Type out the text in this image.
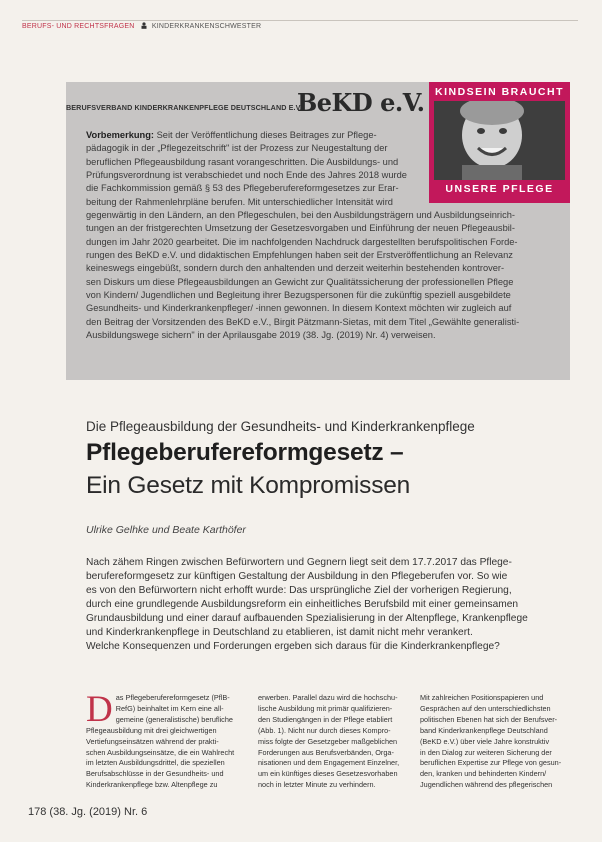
BERUFS- UND RECHTSFRAGEN KINDERKRANKENSCHWESTER
BERUFSVERBAND KINDERKRANKENPFLEGE DEUTSCHLAND E.V.
BeKD e.V.	KINDSEIN BRAUCHT
UNSERE PFLEGE
Vorbemerkung: Seit der Veröffentlichung dieses Beitrages zur Pflege-
pädagogik in der „Pflegezeitschrift" ist der Prozess zur Neugestaltung der
beruflichen Pflegeausbildung rasant vorangeschritten. Die Ausbildungs- und
Prüfungsverordnung ist verabschiedet und noch Ende des Jahres 2018 wurde
die Fachkommission gemäß § 53 des Pflegeberufereformgesetzes zur Erar-
beitung der Rahmenlehrpläne berufen. Mit unterschiedlicher Intensität wird
gegenwärtig in den Ländern, an den Pflegeschulen, bei den Ausbildungsträgern und Ausbildungseinrich-
tungen an der fristgerechten Umsetzung der Gesetzesvorgaben und Einführung der neuen Pflegeausbil-
dungen im Jahr 2020 gearbeitet. Die im nachfolgenden Nachdruck dargestellten berufspolitischen Forde-
rungen des BeKD e.V. und didaktischen Empfehlungen haben seit der Erstveröffentlichung an Relevanz
keineswegs eingebüßt, sondern durch den anhaltenden und derzeit weiterhin bestehenden kontrover-
sen Diskurs um diese Pflegeausbildungen an Gewicht zur Qualitätssicherung der professionellen Pflege
von Kindern/ Jugendlichen und Begleitung ihrer Bezugspersonen für die zukünftig speziell ausgebildete
Gesundheits- und Kinderkrankenpfleger/ -innen gewonnen. In diesem Kontext möchten wir zugleich auf
den Beitrag der Vorsitzenden des BeKD e.V., Birgit Pätzmann-Sietas, mit dem Titel „Gewählte generalisti-
Ausbildungswege sichern" in der Aprilausgabe 2019 (38. Jg. (2019) Nr. 4) verweisen.
Die Pflegeausbildung der Gesundheits- und Kinderkrankenpflege
Pflegeberufereformgesetz –
Ein Gesetz mit Kompromissen
Ulrike Gelhke und Beate Karthöfer
Nach zähem Ringen zwischen Befürwortern und Gegnern liegt seit dem 17.7.2017 das Pflege-
berufereformgesetz zur künftigen Gestaltung der Ausbildung in den Pflegeberufen vor. So wie
es von den Befürwortern nicht erhofft wurde: Das ursprüngliche Ziel der vorherigen Regierung,
durch eine grundlegende Ausbildungsreform ein einheitliches Berufsbild mit einer gemeinsamen
Grundausbildung und einer darauf aufbauenden Spezialisierung in der Altenpflege, Krankenpflege
und Kinderkrankenpflege in Deutschland zu etablieren, ist damit nicht mehr verankert.
Welche Konsequenzen und Forderungen ergeben sich daraus für die Kinderkrankenpflege?
D as Pflegeberufereformgesetz (PflB-
RefG) beinhaltet im Kern eine all-
gemeine (generalistische) berufliche
Pflegeausbildung mit drei gleichwertigen
Vertiefungseinsätzen während der prakti-
schen Ausbildungseinsätze, die ein Wahlrecht
im letzten Ausbildungsdrittel, die speziellen
Berufsabschlüsse in der Gesundheits- und
Kinderkrankenpflege bzw. Altenpflege zu
erwerben. Parallel dazu wird die hochschu-
lische Ausbildung mit primär qualifizieren-
den Studiengängen in der Pflege etabliert
(Abb. 1). Nicht nur durch dieses Kompro-
miss folgte der Gesetzgeber maßgeblichen
Forderungen aus Berufsverbänden, Orga-
nisationen und dem Engagement Einzelner,
um ein künftiges dieses Gesetzesvorhaben
noch in letzter Minute zu verhindern.
Mit zahlreichen Positionspapieren und
Gesprächen auf den unterschiedlichsten
politischen Ebenen hat sich der Berufsver-
band Kinderkrankenpflege Deutschland
(BeKD e.V.) über viele Jahre konstruktiv
in den Dialog zur weiteren Sicherung der
beruflichen Expertise zur Pflege von gesun-
den, kranken und behinderten Kindern/
Jugendlichen während des pflegerischen
178 (38. Jg. (2019) Nr. 6
